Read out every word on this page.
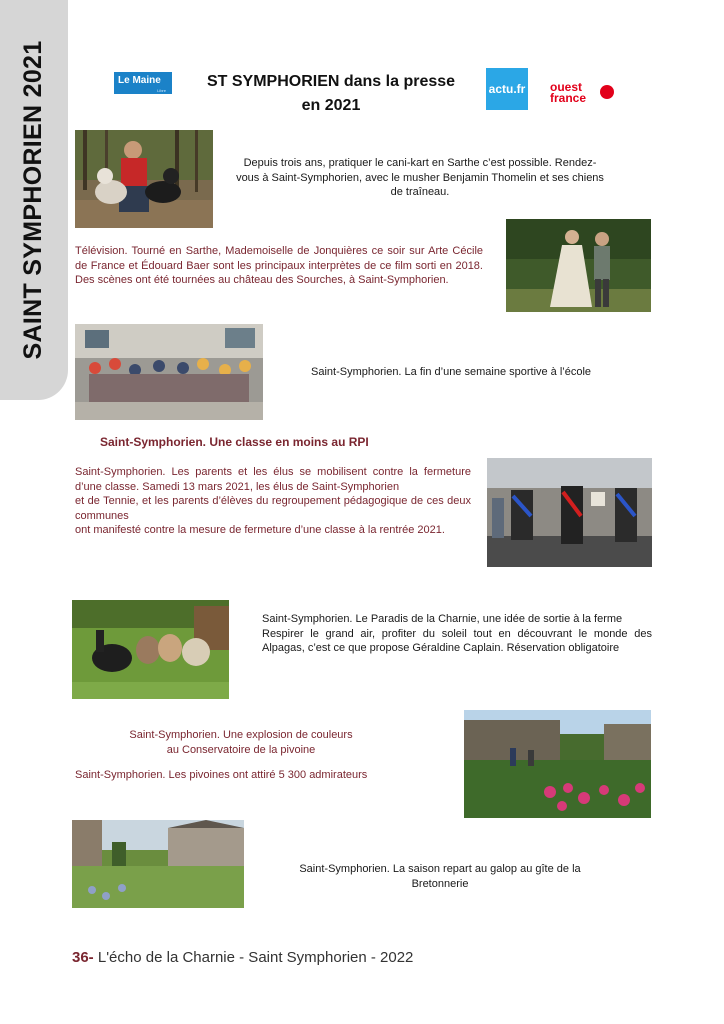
SAINT SYMPHORIEN 2021	Le Maine
Libre
ST SYMPHORIEN dans la presse
en 2021
actu.fr ouest france
Depuis trois ans, pratiquer le cani-kart en Sarthe c’est possible. Rendez-vous à Saint-Symphorien, avec le musher Benjamin Thomelin et ses chiens de traîneau.
Télévision. Tourné en Sarthe, Mademoiselle de Jonquières ce soir sur Arte Cécile de France et Édouard Baer sont les principaux interprètes de ce film sorti en 2018. Des scènes ont été tournées au château des Sourches, à Saint-Symphorien.
Saint-Symphorien. La fin d’une semaine sportive à l’école
Saint-Symphorien. Une classe en moins au RPI
Saint-Symphorien. Les parents et les élus se mobilisent contre la fermeture d’une classe. Samedi 13 mars 2021, les élus de Saint-Symphorien
et de Tennie, et les parents d’élèves du regroupement pédagogique de ces deux communes
ont manifesté contre la mesure de fermeture d’une classe à la rentrée 2021.
Saint-Symphorien. Le Paradis de la Charnie, une idée de sortie à la ferme
Respirer le grand air, profiter du soleil tout en découvrant le monde des Alpagas, c’est ce que propose Géraldine Caplain. Réservation obligatoire
Saint-Symphorien. Une explosion de couleurs
au Conservatoire de la pivoine
Saint-Symphorien. Les pivoines ont attiré 5 300 admirateurs
Saint-Symphorien. La saison repart au galop au gîte de la
Bretonnerie
36- L'écho de la Charnie - Saint Symphorien - 2022
